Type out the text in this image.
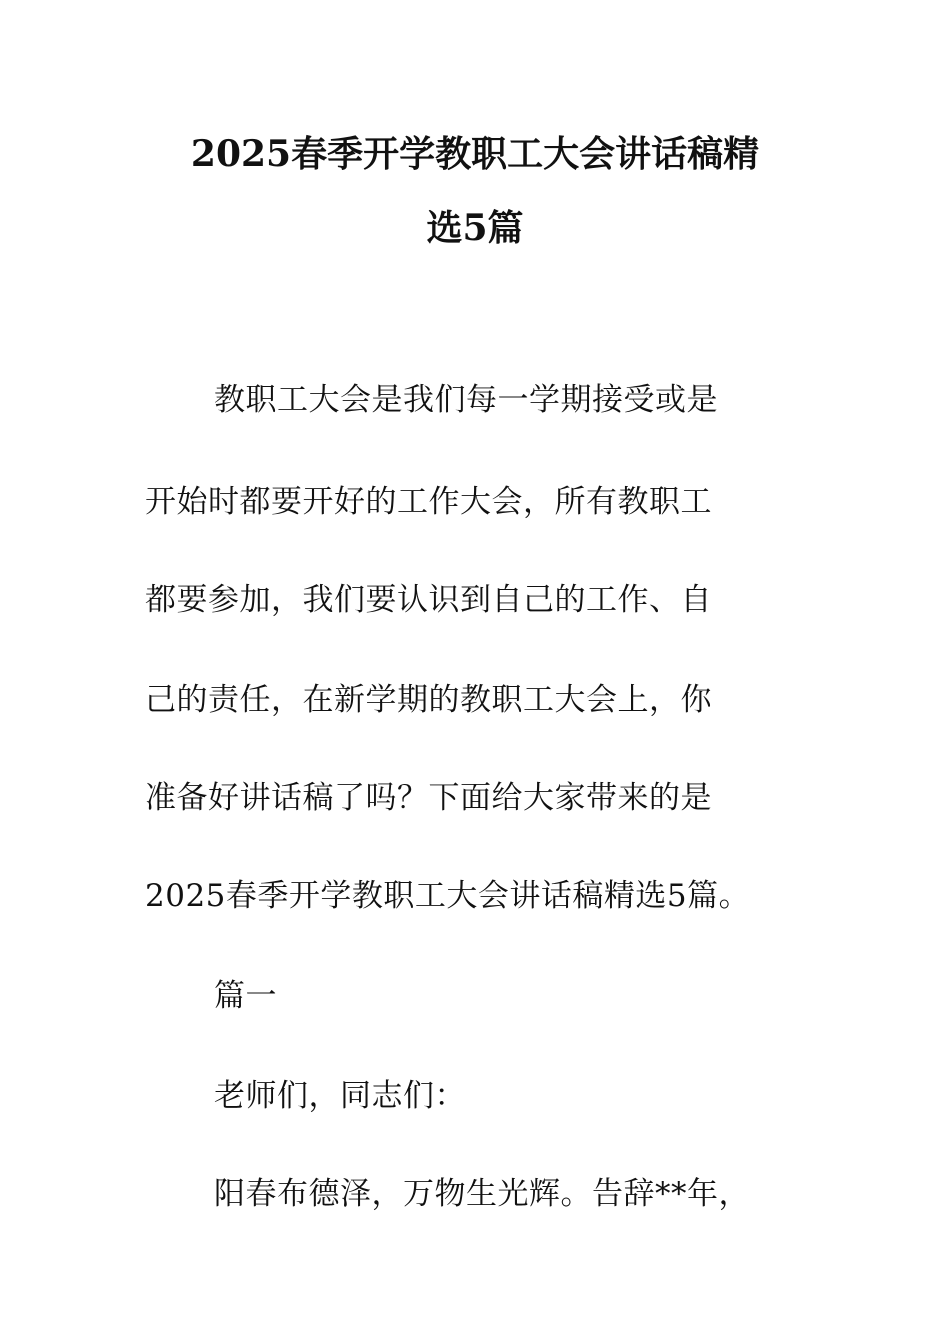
2025春季开学教职工大会讲话稿精
选5篇
教职工大会是我们每一学期接受或是
开始时都要开好的工作大会，所有教职工
都要参加，我们要认识到自己的工作、自
己的责任，在新学期的教职工大会上，你
准备好讲话稿了吗？下面给大家带来的是
2025春季开学教职工大会讲话稿精选5篇。
篇一
老师们，同志们：
阳春布德泽，万物生光辉。告辞**年，
